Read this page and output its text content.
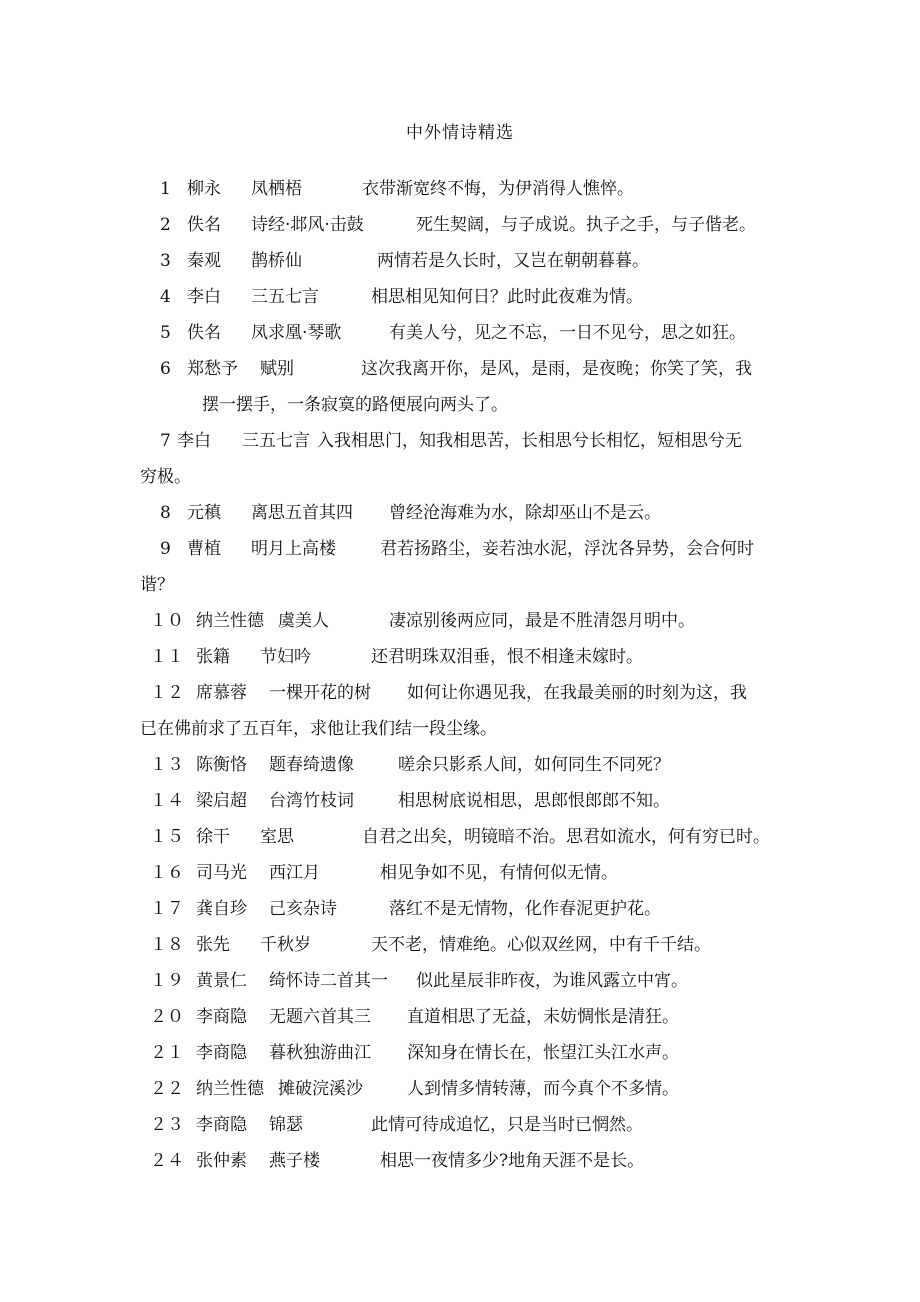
中外情诗精选
1 柳永 凤栖梧	衣带渐宽终不悔，为伊消得人憔悴。
2 佚名 诗经·邶风·击鼓	死生契阔，与子成说。执子之手，与子偕老。
3 秦观 鹊桥仙	两情若是久长时，又岂在朝朝暮暮。
4 李白 三五七言	相思相见知何日？此时此夜难为情。
5 佚名 凤求凰·琴歌	有美人兮，见之不忘，一日不见兮，思之如狂。
6 郑愁予 赋别	这次我离开你，是风，是雨，是夜晚；你笑了笑，我
摆一摆手，一条寂寞的路便展向两头了。
7 李白 三五七言 入我相思门，知我相思苦，长相思兮长相忆，短相思兮无
穷极。
8 元稹 离思五首其四 曾经沧海难为水，除却巫山不是云。
9 曹植 明月上高楼	君若扬路尘，妾若浊水泥，浮沈各异势，会合何时
谐？
１０ 纳兰性德 虞美人	凄凉别後两应同，最是不胜清怨月明中。
１１ 张籍 节妇吟	还君明珠双泪垂，恨不相逢未嫁时。
１２ 席慕蓉 一棵开花的树 如何让你遇见我，在我最美丽的时刻为这，我
已在佛前求了五百年，求他让我们结一段尘缘。
１３ 陈衡恪 题春绮遗像	嗟余只影系人间，如何同生不同死？
１４ 梁启超 台湾竹枝词	相思树底说相思，思郎恨郎郎不知。
１５ 徐干 室思	自君之出矣，明镜暗不治。思君如流水，何有穷已时。
１６ 司马光 西江月	相见争如不见，有情何似无情。
１７ 龚自珍 己亥杂诗	落红不是无情物，化作春泥更护花。
１８ 张先 千秋岁	天不老，情难绝。心似双丝网，中有千千结。
１９ 黄景仁 绮怀诗二首其一 似此星辰非昨夜，为谁风露立中宵。
２０ 李商隐 无题六首其三 直道相思了无益，未妨惆怅是清狂。
２１ 李商隐 暮秋独游曲江 深知身在情长在，怅望江头江水声。
２２ 纳兰性德 摊破浣溪沙	人到情多情转薄，而今真个不多情。
２３ 李商隐 锦瑟	此情可待成追忆，只是当时已惘然。
２４ 张仲素 燕子楼	相思一夜情多少?地角天涯不是长。
